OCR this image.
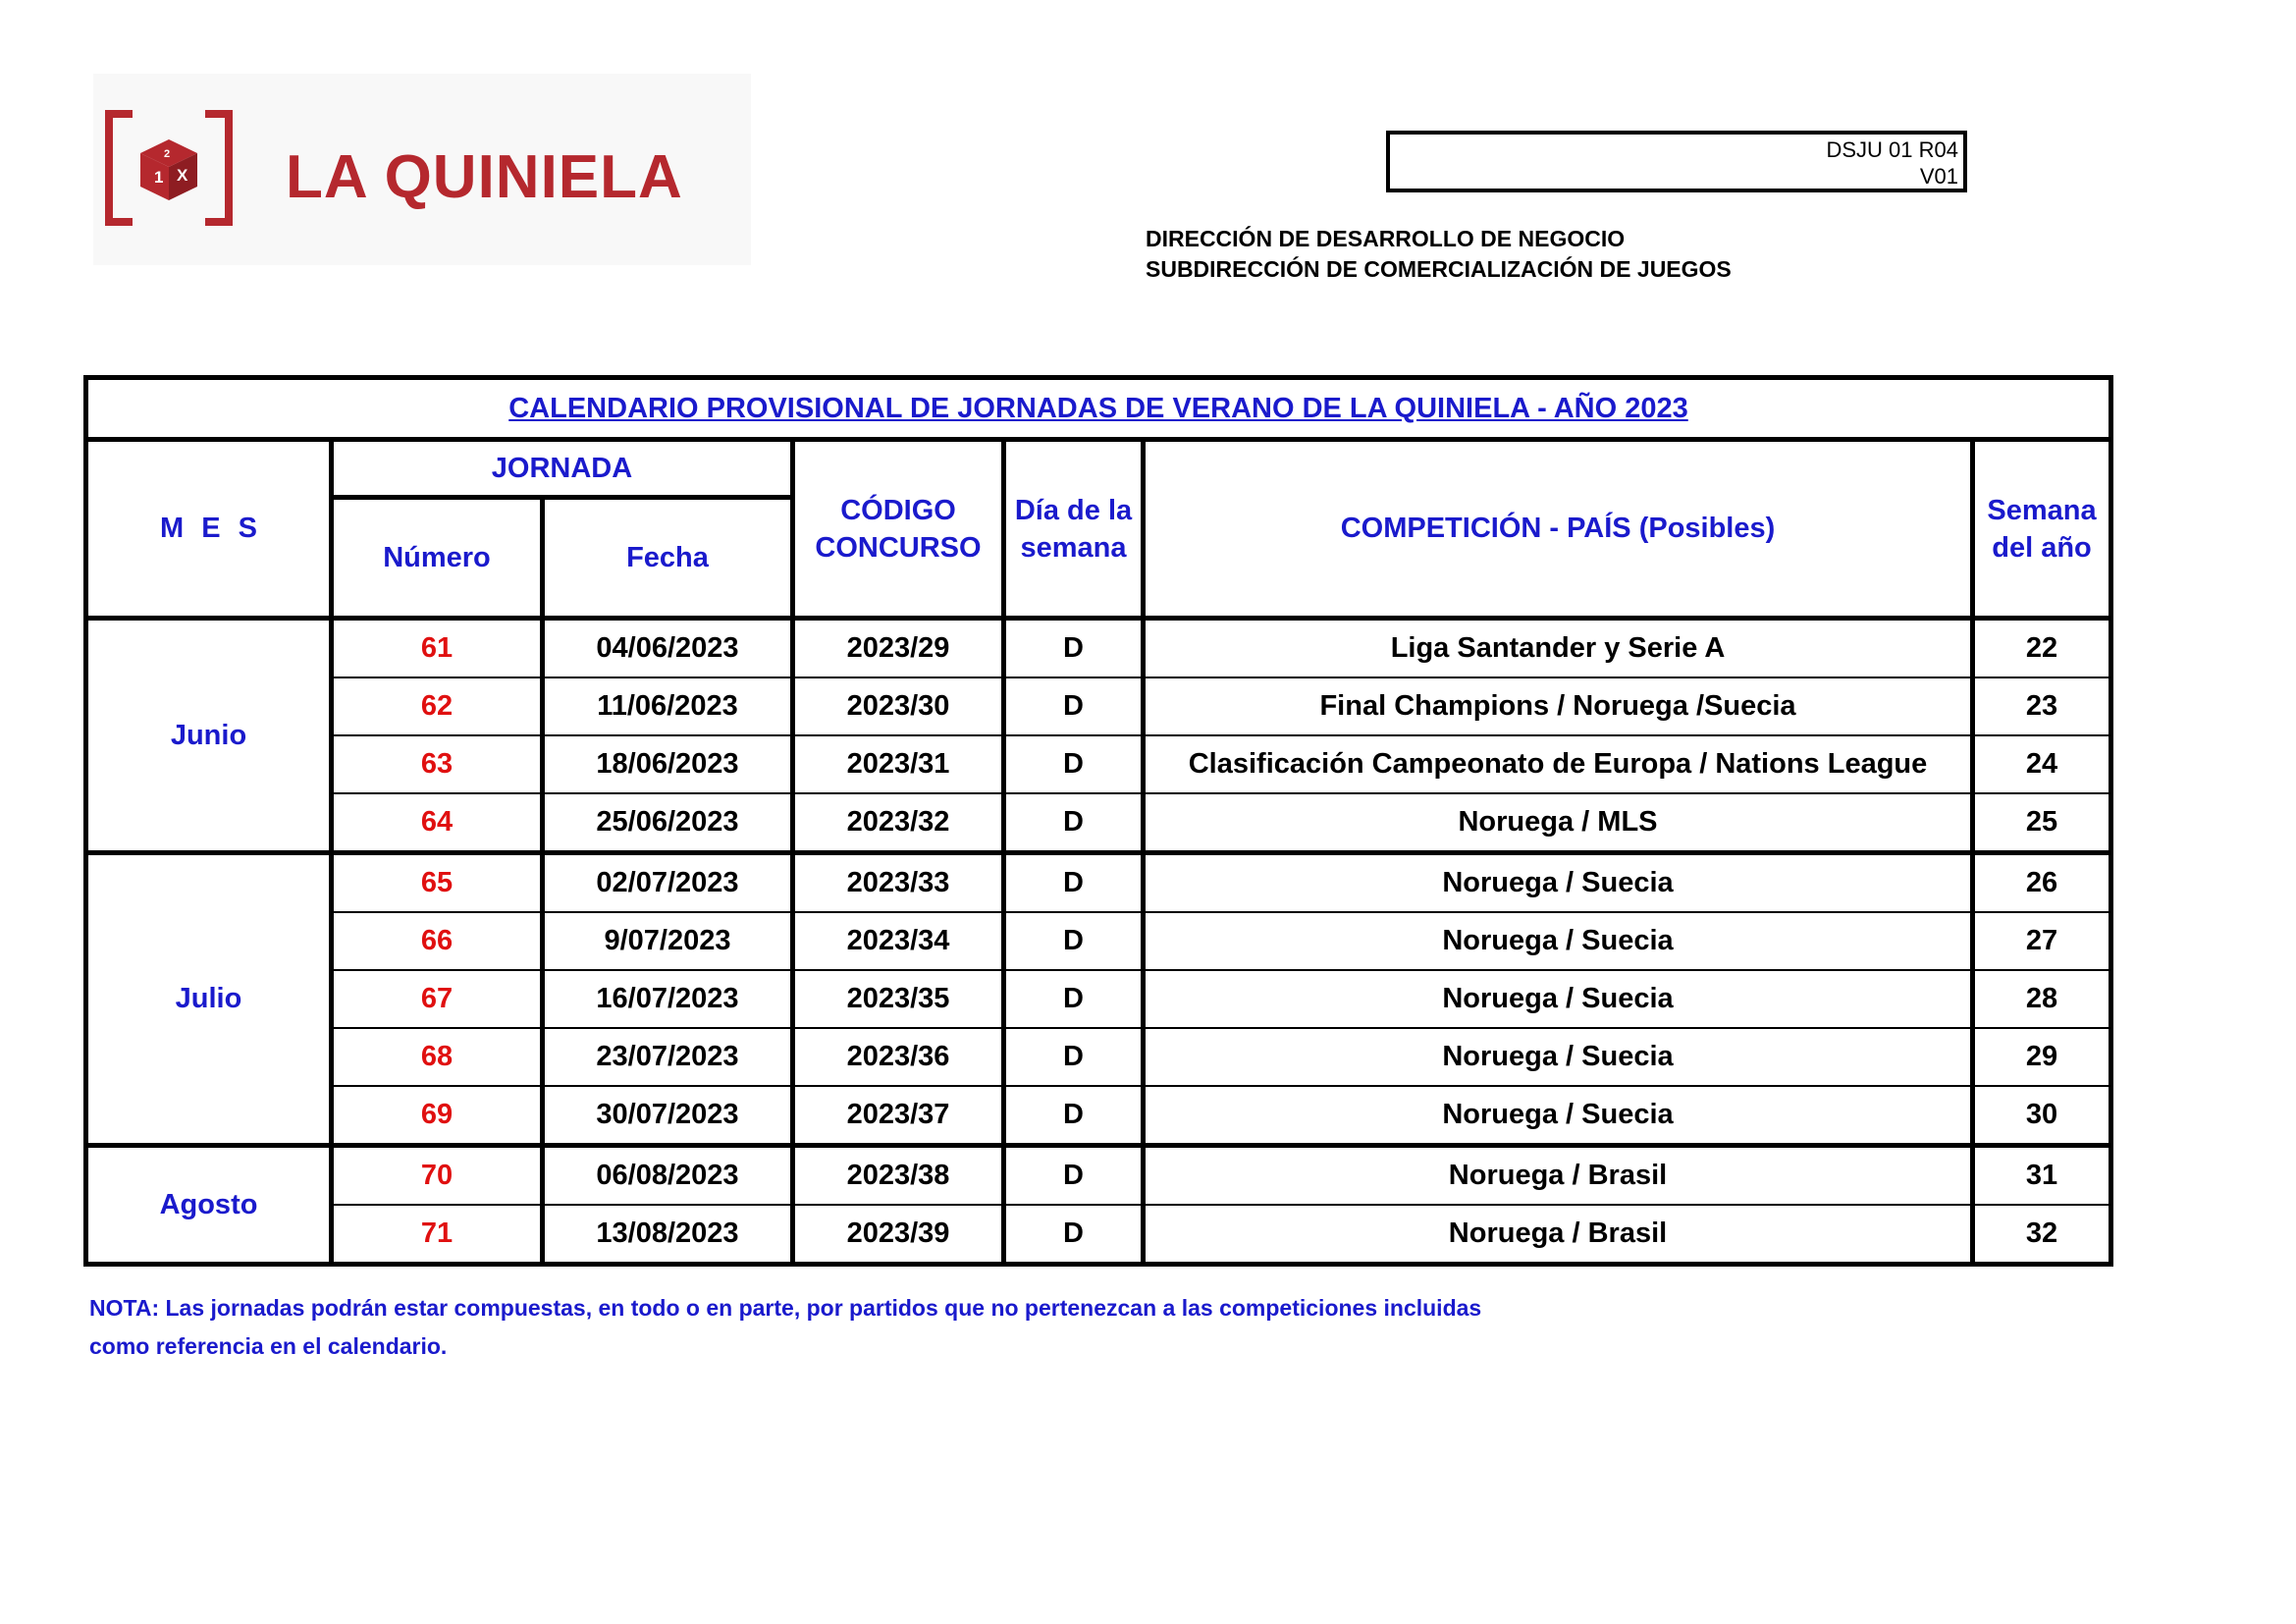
1 X
2 LA QUINIELA	DSJU 01 R04
V01
DIRECCIÓN DE DESARROLLO DE NEGOCIO
SUBDIRECCIÓN DE COMERCIALIZACIÓN DE JUEGOS
CALENDARIO PROVISIONAL DE JORNADAS DE VERANO DE LA QUINIELA - AÑO 2023						
M E S	JORNADA		CÓDIGO CONCURSO	Día de la semana	COMPETICIÓN - PAÍS (Posibles)	Semana del año
	Número	Fecha				
Junio	61	04/06/2023	2023/29	D	Liga Santander y Serie A	22
	62	11/06/2023	2023/30	D	Final Champions / Noruega /Suecia	23
	63	18/06/2023	2023/31	D	Clasificación Campeonato de Europa / Nations League	24
	64	25/06/2023	2023/32	D	Noruega / MLS	25
Julio	65	02/07/2023	2023/33	D	Noruega / Suecia	26
	66	9/07/2023	2023/34	D	Noruega / Suecia	27
	67	16/07/2023	2023/35	D	Noruega / Suecia	28
	68	23/07/2023	2023/36	D	Noruega / Suecia	29
	69	30/07/2023	2023/37	D	Noruega / Suecia	30
Agosto	70	06/08/2023	2023/38	D	Noruega / Brasil	31
	71	13/08/2023	2023/39	D	Noruega / Brasil	32
NOTA: Las jornadas podrán estar compuestas, en todo o en parte, por partidos que no pertenezcan a las competiciones incluidas
como referencia en el calendario.
